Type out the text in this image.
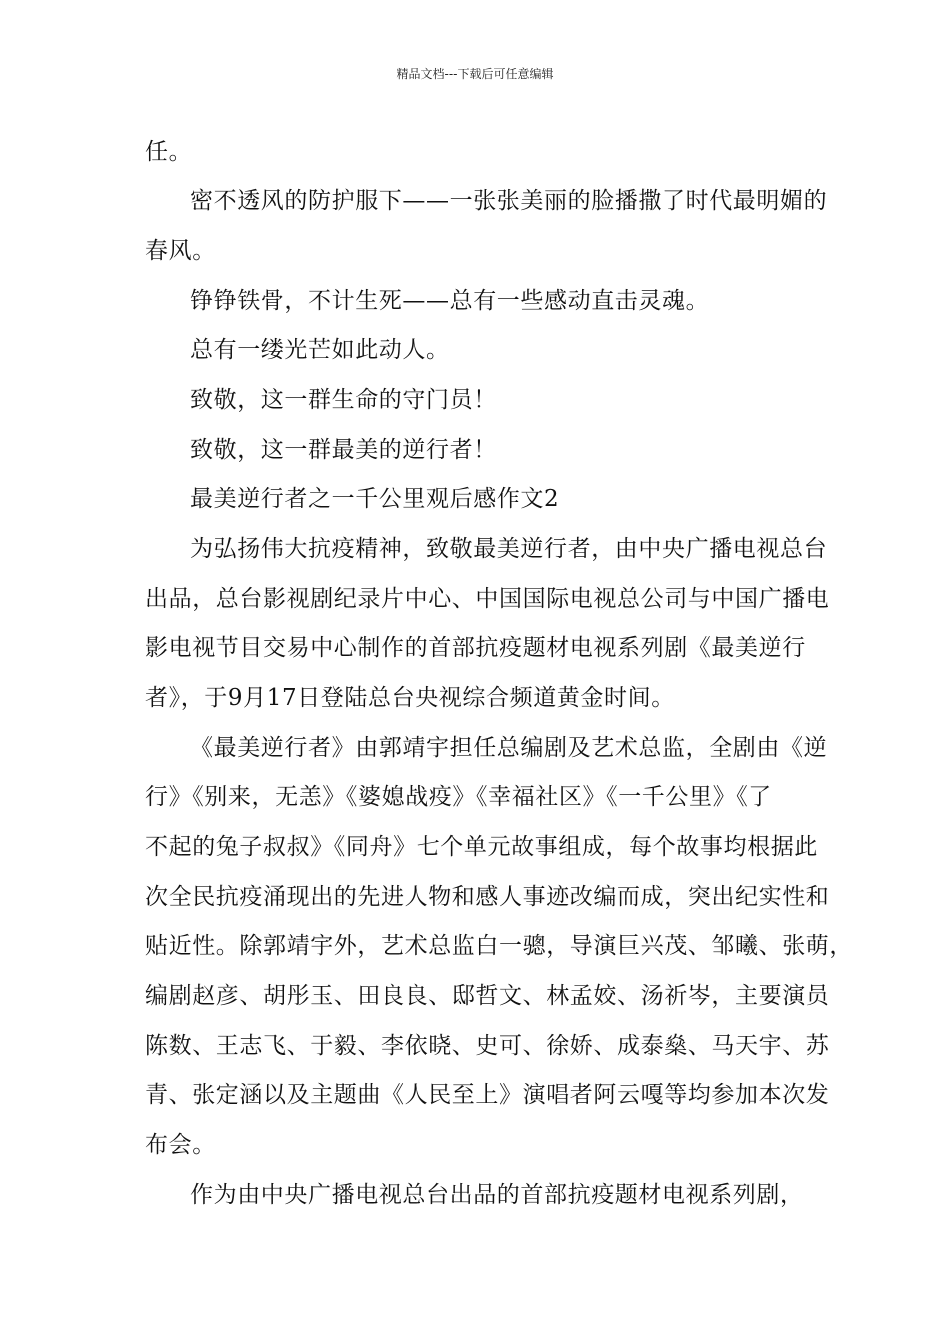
精品文档---下载后可任意编辑
任。
密不透风的防护服下——一张张美丽的脸播撒了时代最明媚的
春风。
铮铮铁骨，不计生死——总有一些感动直击灵魂。
总有一缕光芒如此动人。
致敬，这一群生命的守门员！
致敬，这一群最美的逆行者！
最美逆行者之一千公里观后感作文2
为弘扬伟大抗疫精神，致敬最美逆行者，由中央广播电视总台
出品，总台影视剧纪录片中心、中国国际电视总公司与中国广播电
影电视节目交易中心制作的首部抗疫题材电视系列剧《最美逆行
者》，于9月17日登陆总台央视综合频道黄金时间。
《最美逆行者》由郭靖宇担任总编剧及艺术总监，全剧由《逆
行》《别来，无恙》《婆媳战疫》《幸福社区》《一千公里》《了
不起的兔子叔叔》《同舟》七个单元故事组成，每个故事均根据此
次全民抗疫涌现出的先进人物和感人事迹改编而成，突出纪实性和
贴近性。除郭靖宇外，艺术总监白一骢，导演巨兴茂、邹曦、张萌，
编剧赵彦、胡彤玉、田良良、邸哲文、林孟姣、汤祈岑，主要演员
陈数、王志飞、于毅、李依晓、史可、徐娇、成泰燊、马天宇、苏
青、张定涵以及主题曲《人民至上》演唱者阿云嘎等均参加本次发
布会。
作为由中央广播电视总台出品的首部抗疫题材电视系列剧，
